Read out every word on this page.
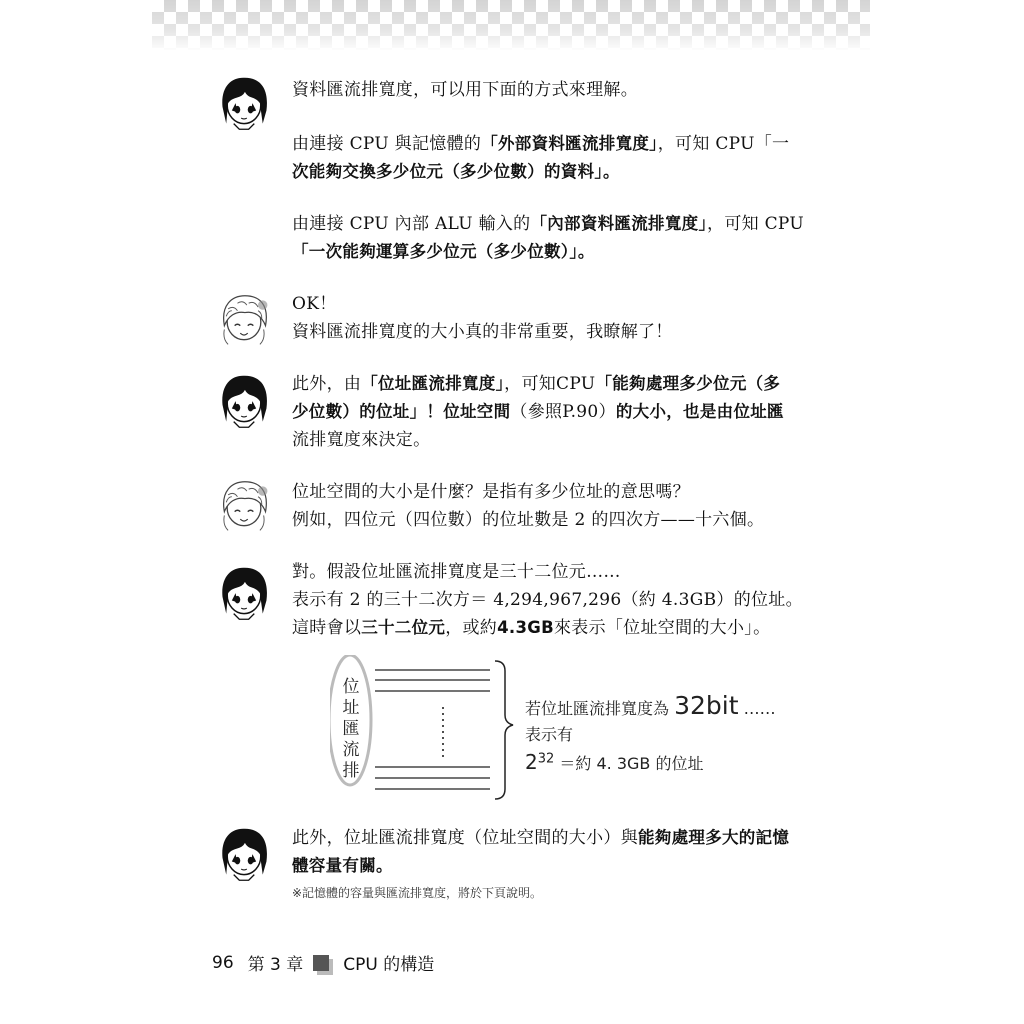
資料匯流排寬度，可以用下面的方式來理解。
由連接 CPU 與記憶體的「外部資料匯流排寬度」，可知 CPU「一
次能夠交換多少位元（多少位數）的資料」。
由連接 CPU 內部 ALU 輸入的「內部資料匯流排寬度」，可知 CPU
「一次能夠運算多少位元（多少位數）」。
OK！
資料匯流排寬度的大小真的非常重要，我瞭解了！
此外，由「位址匯流排寬度」，可知CPU「能夠處理多少位元（多
少位數）的位址」！位址空間（參照P.90）的大小，也是由位址匯
流排寬度來決定。
位址空間的大小是什麼？是指有多少位址的意思嗎？
例如，四位元（四位數）的位址數是 2 的四次方——十六個。
對。假設位址匯流排寬度是三十二位元……
表示有 2 的三十二次方＝ 4,294,967,296（約 4.3GB）的位址。
這時會以三十二位元，或約4.3GB來表示「位址空間的大小」。
此外，位址匯流排寬度（位址空間的大小）與能夠處理多大的記憶
體容量有關。
位址匯流排
若位址匯流排寬度為 32bit ……
表示有
$2^{32}$ ＝約 4. 3GB 的位址
※記憶體的容量與匯流排寬度，將於下頁說明。
96 第 3 章 CPU 的構造
